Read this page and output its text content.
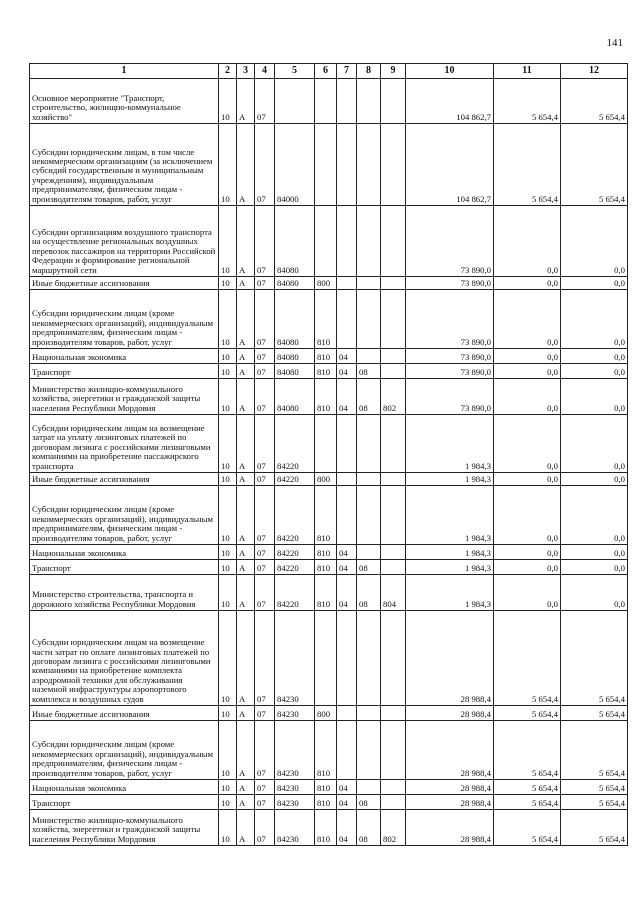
141
1	2	3	4	5	6	7	8	9	10	11	12
Основное мероприятие "Транспорт, строительство, жилищно-коммунальное хозяйство"	10	А	07						104 862,7	5 654,4	5 654,4
Субсидии юридическим лицам, в том числе некоммерческим организациям (за исключением субсидий государственным и муниципальным учреждениям), индивидуальным предпринимателям, физическим лицам - производителям товаров, работ, услуг	10	А	07	84000					104 862,7	5 654,4	5 654,4
Субсидии организациям воздушного транспорта на осуществление региональных воздушных перевозок пассажиров на территории Российской Федерации и формирование региональной маршрутной сети	10	А	07	84080					73 890,0	0,0	0,0
Иные бюджетные ассигнования	10	А	07	84080	800				73 890,0	0,0	0,0
Субсидии юридическим лицам (кроме некоммерческих организаций), индивидуальным предпринимателям, физическим лицам - производителям товаров, работ, услуг	10	А	07	84080	810				73 890,0	0,0	0,0
Национальная экономика	10	А	07	84080	810	04			73 890,0	0,0	0,0
Транспорт	10	А	07	84080	810	04	08		73 890,0	0,0	0,0
Министерство жилищно-коммунального хозяйства, энергетики и гражданской защиты населения Республики Мордовия	10	А	07	84080	810	04	08	802	73 890,0	0,0	0,0
Субсидии юридическим лицам на возмещение затрат на уплату лизинговых платежей по договорам лизинга с российскими лизинговыми компаниями на приобретение пассажирского транспорта	10	А	07	84220					1 984,3	0,0	0,0
Иные бюджетные ассигнования	10	А	07	84220	800				1 984,3	0,0	0,0
Субсидии юридическим лицам (кроме некоммерческих организаций), индивидуальным предпринимателям, физическим лицам - производителям товаров, работ, услуг	10	А	07	84220	810				1 984,3	0,0	0,0
Национальная экономика	10	А	07	84220	810	04			1 984,3	0,0	0,0
Транспорт	10	А	07	84220	810	04	08		1 984,3	0,0	0,0
Министерство строительства, транспорта и дорожного хозяйства Республики Мордовия	10	А	07	84220	810	04	08	804	1 984,3	0,0	0,0
Субсидии юридическим лицам на возмещение части затрат по оплате лизинговых платежей по договорам лизинга с российскими лизинговыми компаниями на приобретение комплекта аэродромной техники для обслуживания наземной инфраструктуры аэропортового комплекса и воздушных судов	10	А	07	84230					28 988,4	5 654,4	5 654,4
Иные бюджетные ассигнования	10	А	07	84230	800				28 988,4	5 654,4	5 654,4
Субсидии юридическим лицам (кроме некоммерческих организаций), индивидуальным предпринимателям, физическим лицам - производителям товаров, работ, услуг	10	А	07	84230	810				28 988,4	5 654,4	5 654,4
Национальная экономика	10	А	07	84230	810	04			28 988,4	5 654,4	5 654,4
Транспорт	10	А	07	84230	810	04	08		28 988,4	5 654,4	5 654,4
Министерство жилищно-коммунального хозяйства, энергетики и гражданской защиты населения Республики Мордовия	10	А	07	84230	810	04	08	802	28 988,4	5 654,4	5 654,4
